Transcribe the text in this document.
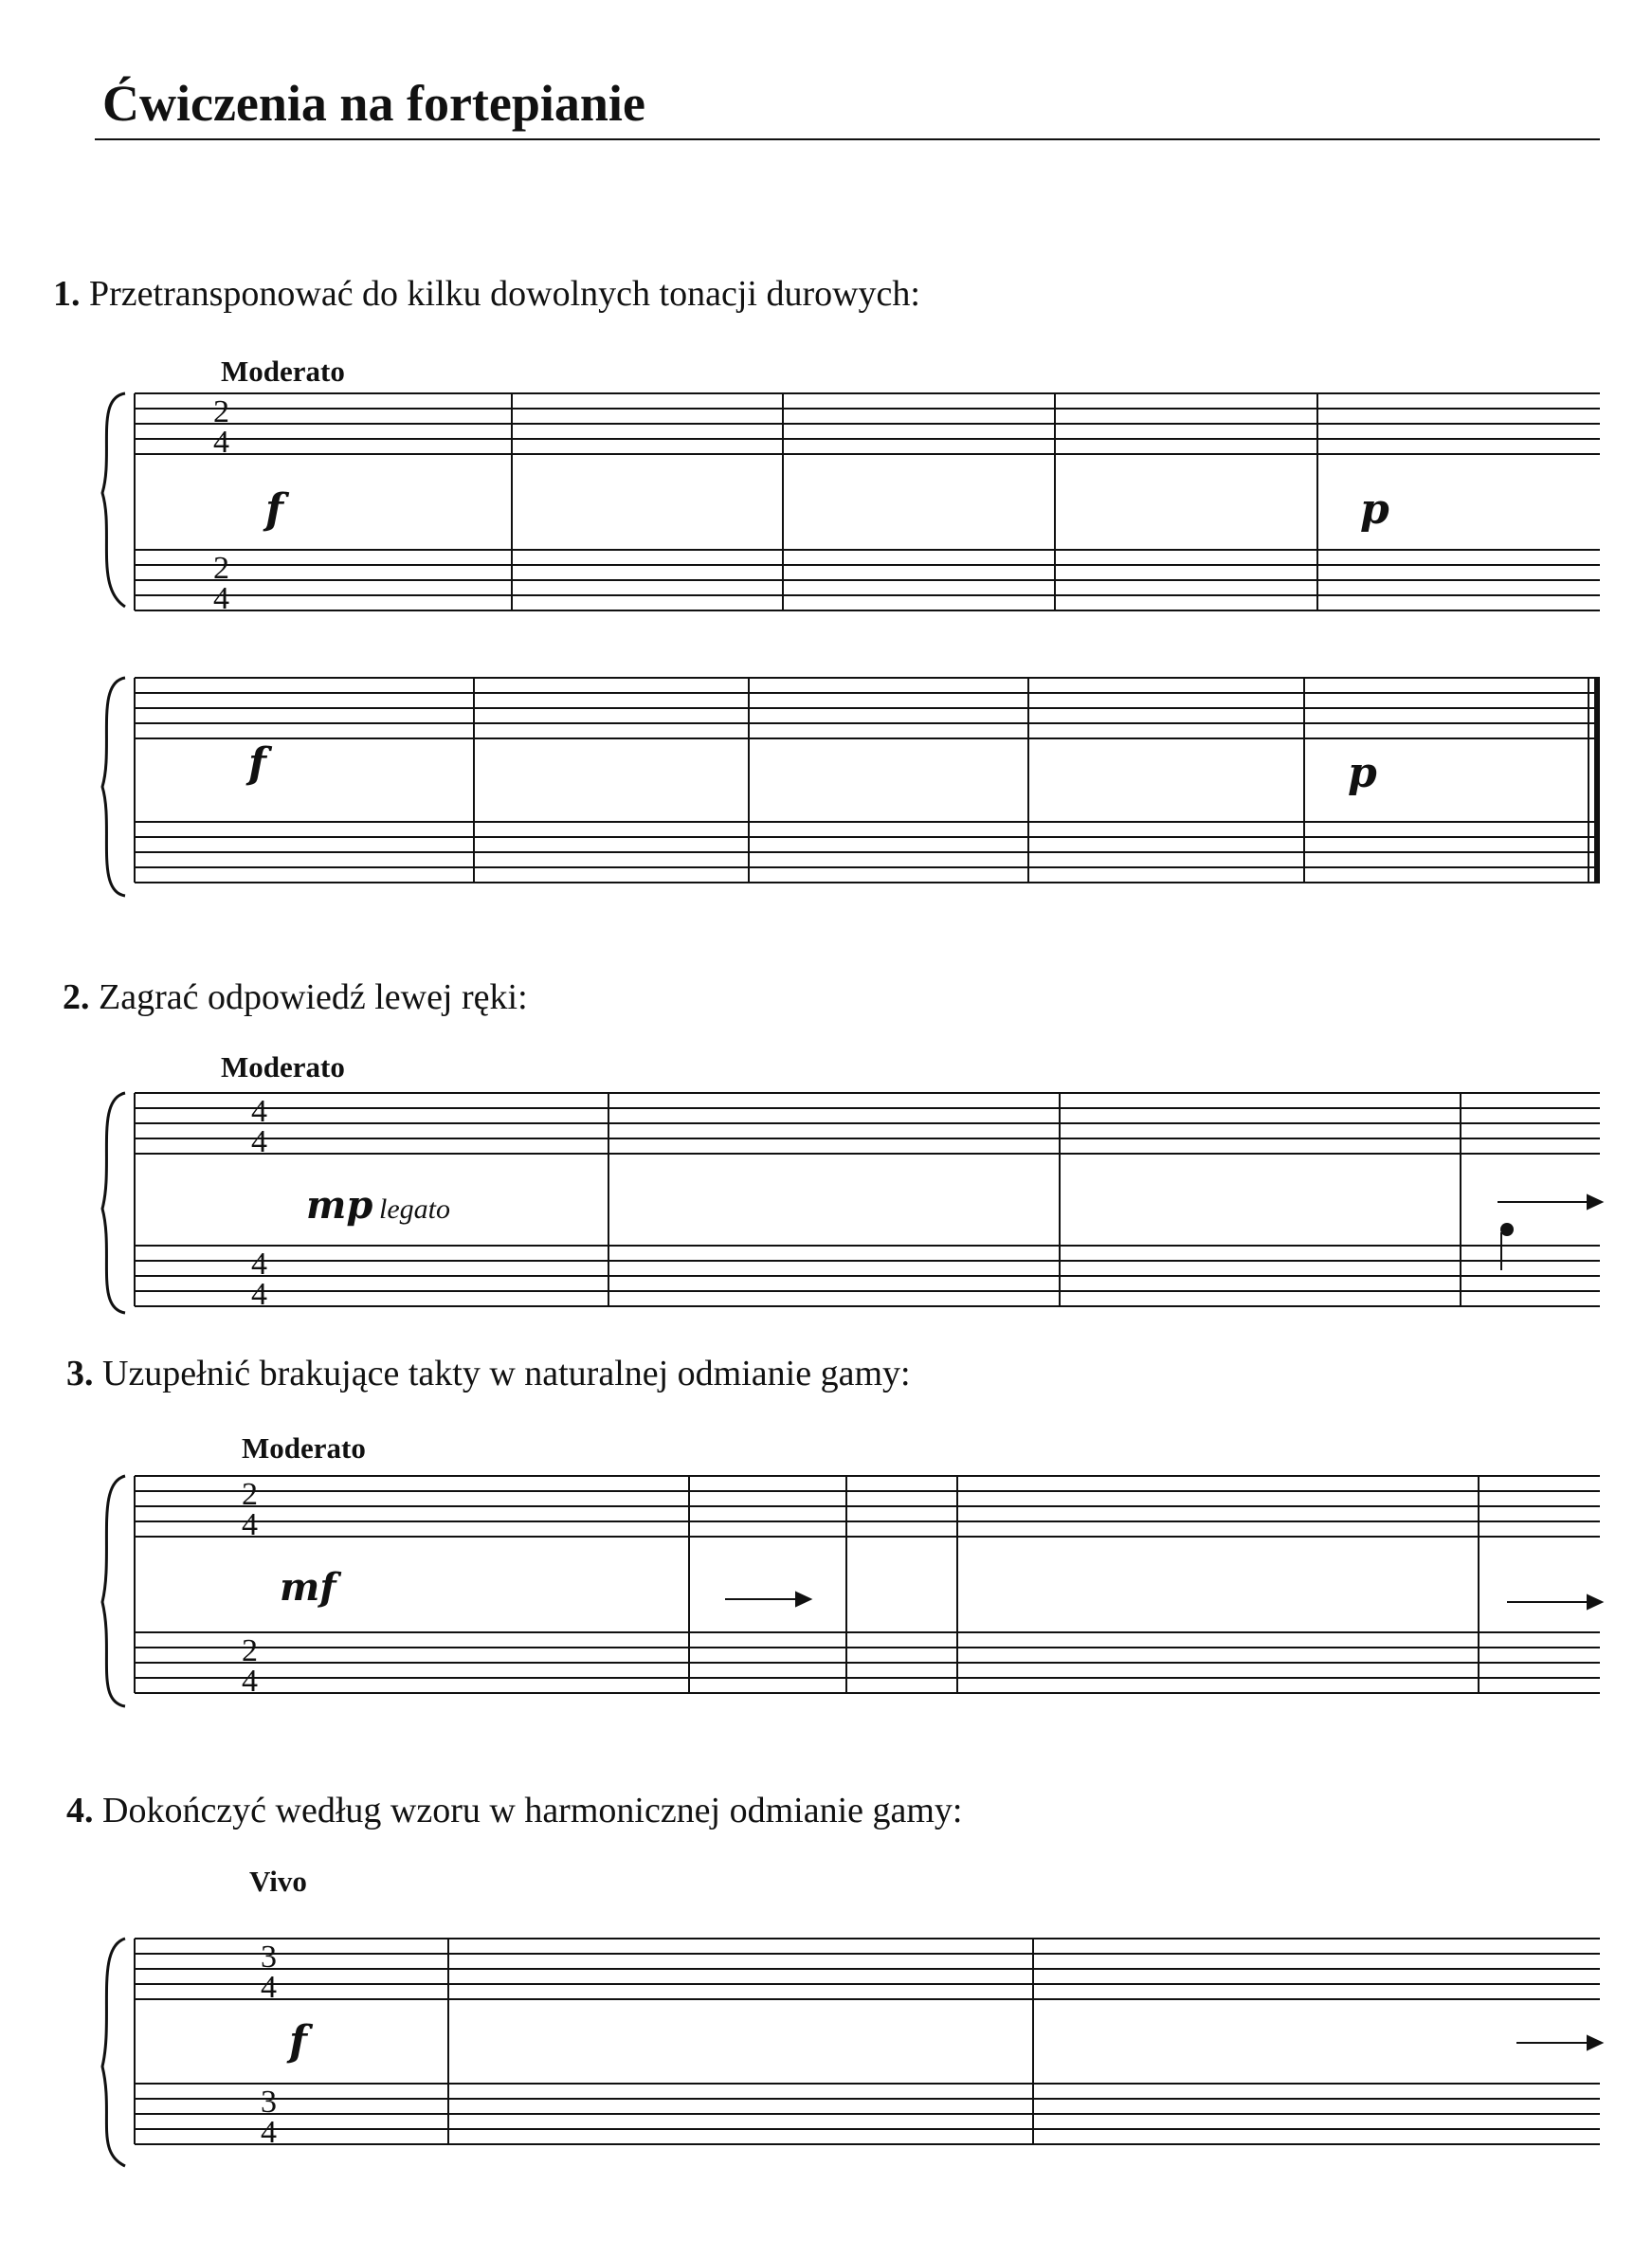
Ćwiczenia na fortepianie
1. Przetransponować do kilku dowolnych tonacji durowych:
2. Zagrać odpowiedź lewej ręki:
3. Uzupełnić brakujące takty w naturalnej odmianie gamy:
4. Dokończyć według wzoru w harmonicznej odmianie gamy:
Moderato
Moderato
Moderato
Vivo
2
4
2
4
4
4
4
4
2
4
2
4
3
4
3
4
f	p
f	p
mp legato
mf
f
